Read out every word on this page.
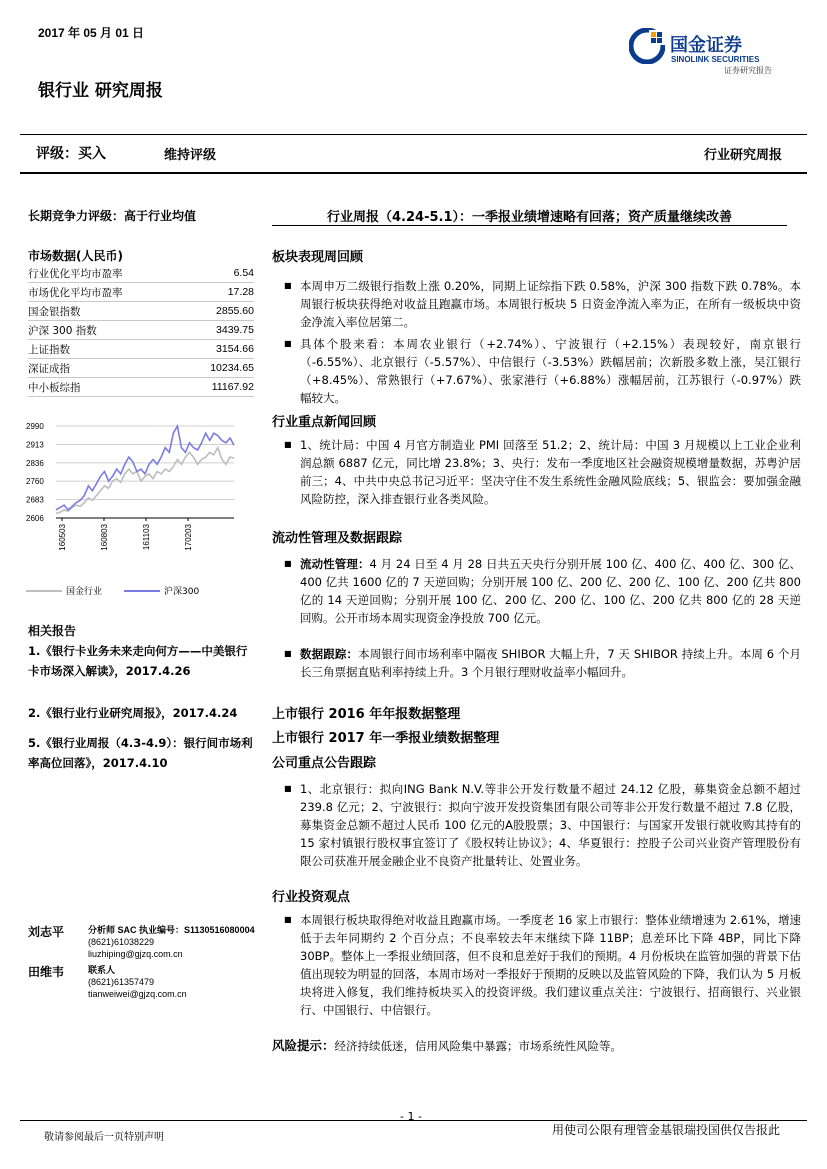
2017 年 05 月 01 日
银行业 研究周报
国金证券
SINOLINK SECURITIES
证券研究报告
评级：买入	维持评级	行业研究周报
长期竞争力评级：高于行业均值
市场数据(人民币)
行业优化平均市盈率	6.54
市场优化平均市盈率	17.28
国金银指数	2855.60
沪深 300 指数	3439.75
上证指数	3154.66
深证成指	10234.65
中小板综指	11167.92
2990
2913
2836
2760
2683
2606
160503	160803	161103	170203
国金行业	沪深300
相关报告
1.《银行卡业务未来走向何方——中美银行卡市场深入解读》，2017.4.26
2.《银行业行业研究周报》，2017.4.24
5.《银行业周报（4.3-4.9）：银行间市场利率高位回落》，2017.4.10
刘志平	分析师 SAC 执业编号：S1130516080004
(8621)61038229
liuzhiping@gjzq.com.cn
田维韦	联系人
(8621)61357479
tianweiwei@gjzq.com.cn
行业周报（4.24-5.1）：一季报业绩增速略有回落；资产质量继续改善
板块表现周回顾
■ 本周申万二级银行指数上涨 0.20%，同期上证综指下跌 0.58%，沪深 300 指数下跌 0.78%。本周银行板块获得绝对收益且跑赢市场。本周银行板块 5 日资金净流入率为正，在所有一级板块中资金净流入率位居第二。
■ 具体个股来看：本周农业银行（+2.74%）、宁波银行（+2.15%）表现较好，南京银行（-6.55%）、北京银行（-5.57%）、中信银行（-3.53%）跌幅居前；次新股多数上涨，吴江银行（+8.45%）、常熟银行（+7.67%）、张家港行（+6.88%）涨幅居前，江苏银行（-0.97%）跌幅较大。
行业重点新闻回顾
■ 1、统计局：中国 4 月官方制造业 PMI 回落至 51.2；2、统计局：中国 3 月规模以上工业企业利润总额 6887 亿元，同比增 23.8%；3、央行：发布一季度地区社会融资规模增量数据，苏粤沪居前三；4、中共中央总书记习近平：坚决守住不发生系统性金融风险底线；5、银监会：要加强金融风险防控，深入排查银行业各类风险。
流动性管理及数据跟踪
■ 流动性管理：4 月 24 日至 4 月 28 日共五天央行分别开展 100 亿、400 亿、400 亿、300 亿、400 亿共 1600 亿的 7 天逆回购；分别开展 100 亿、200 亿、200 亿、100 亿、200 亿共 800 亿的 14 天逆回购；分别开展 100 亿、200 亿、200 亿、100 亿、200 亿共 800 亿的 28 天逆回购。公开市场本周实现资金净投放 700 亿元。
■ 数据跟踪：本周银行间市场利率中隔夜 SHIBOR 大幅上升，7 天 SHIBOR 持续上升。本周 6 个月长三角票据直贴利率持续上升。3 个月银行理财收益率小幅回升。
上市银行 2016 年年报数据整理
上市银行 2017 年一季报业绩数据整理
公司重点公告跟踪
■ 1、北京银行：拟向ING Bank N.V.等非公开发行数量不超过 24.12 亿股，募集资金总额不超过 239.8 亿元；2、宁波银行：拟向宁波开发投资集团有限公司等非公开发行数量不超过 7.8 亿股，募集资金总额不超过人民币 100 亿元的A股股票；3、中国银行：与国家开发银行就收购其持有的 15 家村镇银行股权事宜签订了《股权转让协议》；4、华夏银行：控股子公司兴业资产管理股份有限公司获准开展金融企业不良资产批量转让、处置业务。
行业投资观点
■ 本周银行板块取得绝对收益且跑赢市场。一季度老 16 家上市银行：整体业绩增速为 2.61%，增速低于去年同期约 2 个百分点；不良率较去年末继续下降 11BP；息差环比下降 4BP，同比下降 30BP。整体上一季报业绩回落，但不良和息差好于我们的预期。4 月份板块在监管加强的背景下估值出现较为明显的回落，本周市场对一季报好于预期的反映以及监管风险的下降，我们认为 5 月板块将进入修复，我们维持板块买入的投资评级。我们建议重点关注：宁波银行、招商银行、兴业银行、中国银行、中信银行。
风险提示：经济持续低迷，信用风险集中暴露；市场系统性风险等。
敬请参阅最后一页特别声明
- 1 -
用使司公限有理管金基银瑞投国供仅告报此
